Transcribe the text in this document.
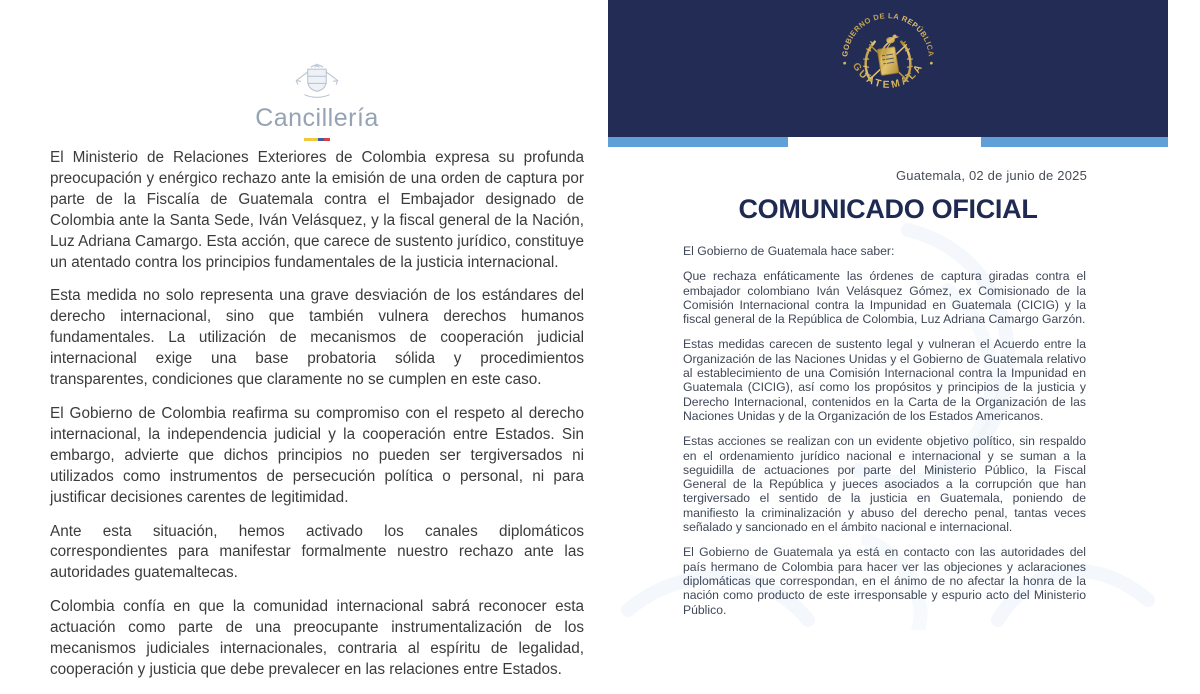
Cancillería

El Ministerio de Relaciones Exteriores de Colombia expresa su profunda preocupación y enérgico rechazo ante la emisión de una orden de captura por parte de la Fiscalía de Guatemala contra el Embajador designado de Colombia ante la Santa Sede, Iván Velásquez, y la fiscal general de la Nación, Luz Adriana Camargo. Esta acción, que carece de sustento jurídico, constituye un atentado contra los principios fundamentales de la justicia internacional.

Esta medida no solo representa una grave desviación de los estándares del derecho internacional, sino que también vulnera derechos humanos fundamentales. La utilización de mecanismos de cooperación judicial internacional exige una base probatoria sólida y procedimientos transparentes, condiciones que claramente no se cumplen en este caso.

El Gobierno de Colombia reafirma su compromiso con el respeto al derecho internacional, la independencia judicial y la cooperación entre Estados. Sin embargo, advierte que dichos principios no pueden ser tergiversados ni utilizados como instrumentos de persecución política o personal, ni para justificar decisiones carentes de legitimidad.

Ante esta situación, hemos activado los canales diplomáticos correspondientes para manifestar formalmente nuestro rechazo ante las autoridades guatemaltecas.

Colombia confía en que la comunidad internacional sabrá reconocer esta actuación como parte de una preocupante instrumentalización de los mecanismos judiciales internacionales, contraria al espíritu de legalidad, cooperación y justicia que debe prevalecer en las relaciones entre Estados.

GOBIERNO DE LA REPÚBLICA
GUATEMALA
Guatemala, 02 de junio de 2025
COMUNICADO OFICIAL

El Gobierno de Guatemala hace saber:

Que rechaza enfáticamente las órdenes de captura giradas contra el embajador colombiano Iván Velásquez Gómez, ex Comisionado de la Comisión Internacional contra la Impunidad en Guatemala (CICIG) y la fiscal general de la República de Colombia, Luz Adriana Camargo Garzón.

Estas medidas carecen de sustento legal y vulneran el Acuerdo entre la Organización de las Naciones Unidas y el Gobierno de Guatemala relativo al establecimiento de una Comisión Internacional contra la Impunidad en Guatemala (CICIG), así como los propósitos y principios de la justicia y Derecho Internacional, contenidos en la Carta de la Organización de las Naciones Unidas y de la Organización de los Estados Americanos.

Estas acciones se realizan con un evidente objetivo político, sin respaldo en el ordenamiento jurídico nacional e internacional y se suman a la seguidilla de actuaciones por parte del Ministerio Público, la Fiscal General de la República y jueces asociados a la corrupción que han tergiversado el sentido de la justicia en Guatemala, poniendo de manifiesto la criminalización y abuso del derecho penal, tantas veces señalado y sancionado en el ámbito nacional e internacional.

El Gobierno de Guatemala ya está en contacto con las autoridades del país hermano de Colombia para hacer ver las objeciones y aclaraciones diplomáticas que correspondan, en el ánimo de no afectar la honra de la nación como producto de este irresponsable y espurio acto del Ministerio Público.
